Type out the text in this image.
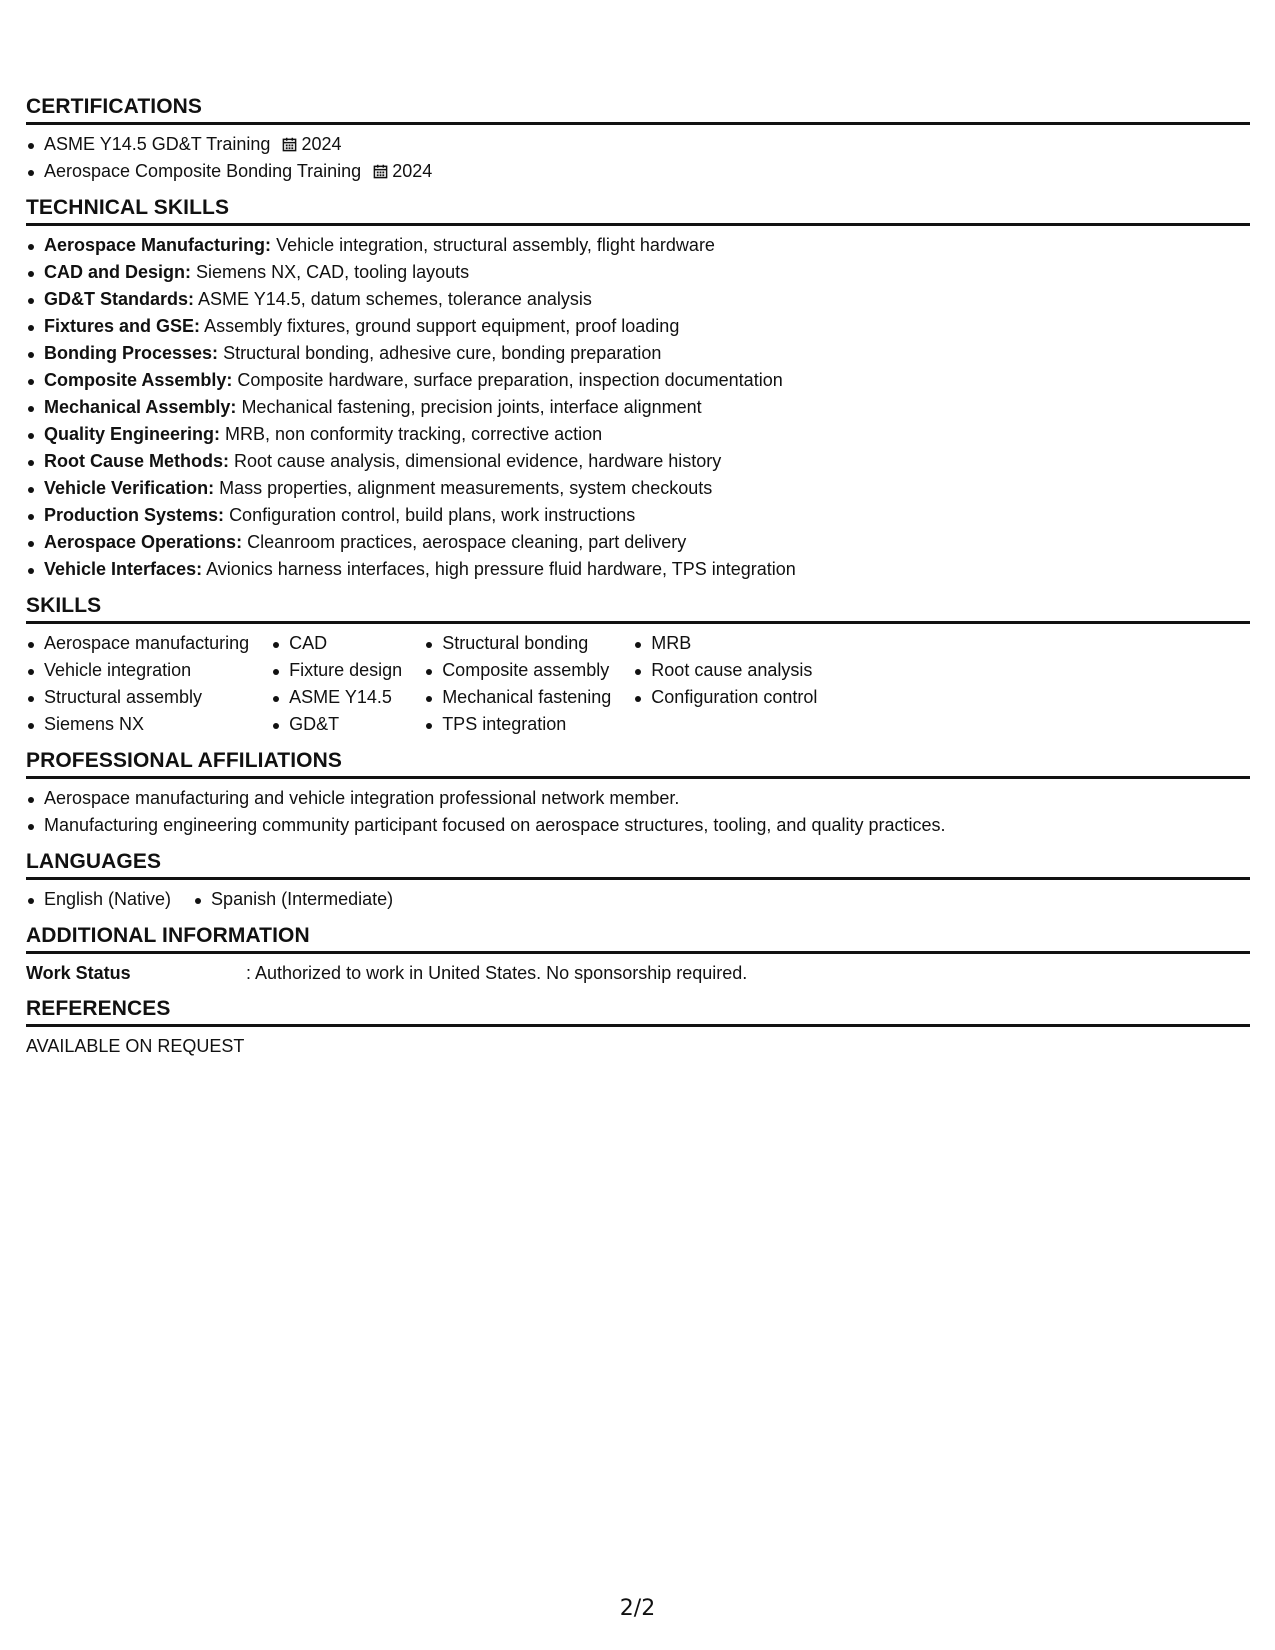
CERTIFICATIONS
ASME Y14.5 GD&T Training 2024
Aerospace Composite Bonding Training 2024
TECHNICAL SKILLS
Aerospace Manufacturing: Vehicle integration, structural assembly, flight hardware
CAD and Design: Siemens NX, CAD, tooling layouts
GD&T Standards: ASME Y14.5, datum schemes, tolerance analysis
Fixtures and GSE: Assembly fixtures, ground support equipment, proof loading
Bonding Processes: Structural bonding, adhesive cure, bonding preparation
Composite Assembly: Composite hardware, surface preparation, inspection documentation
Mechanical Assembly: Mechanical fastening, precision joints, interface alignment
Quality Engineering: MRB, non conformity tracking, corrective action
Root Cause Methods: Root cause analysis, dimensional evidence, hardware history
Vehicle Verification: Mass properties, alignment measurements, system checkouts
Production Systems: Configuration control, build plans, work instructions
Aerospace Operations: Cleanroom practices, aerospace cleaning, part delivery
Vehicle Interfaces: Avionics harness interfaces, high pressure fluid hardware, TPS integration
SKILLS
Aerospace manufacturing
Vehicle integration
Structural assembly
Siemens NX
CAD
Fixture design
ASME Y14.5
GD&T
Structural bonding
Composite assembly
Mechanical fastening
TPS integration
MRB
Root cause analysis
Configuration control
PROFESSIONAL AFFILIATIONS
Aerospace manufacturing and vehicle integration professional network member.
Manufacturing engineering community participant focused on aerospace structures, tooling, and quality practices.
LANGUAGES
English (Native)	Spanish (Intermediate)
ADDITIONAL INFORMATION
Work Status	: Authorized to work in United States. No sponsorship required.
REFERENCES
AVAILABLE ON REQUEST
2/2
